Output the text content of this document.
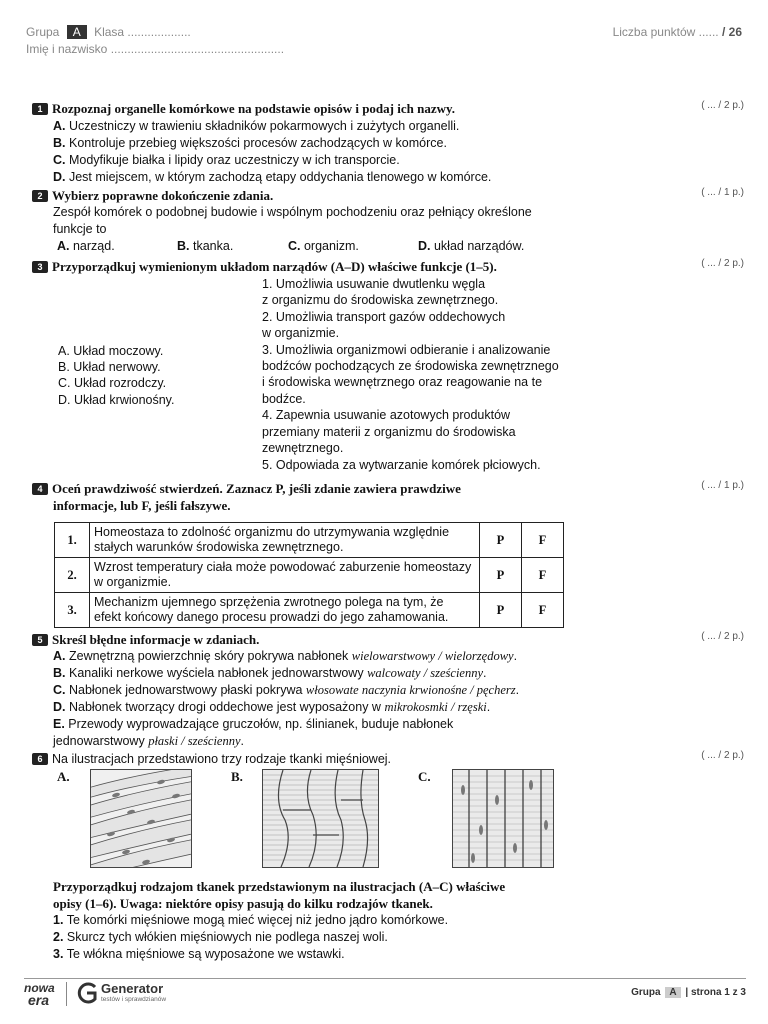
Grupa A Klasa ...................
Imię i nazwisko ....................................................
Liczba punktów ...... / 26
1 Rozpoznaj organelle komórkowe na podstawie opisów i podaj ich nazwy.	( ... / 2 p.)
A. Uczestniczy w trawieniu składników pokarmowych i zużytych organelli.
B. Kontroluje przebieg większości procesów zachodzących w komórce.
C. Modyfikuje białka i lipidy oraz uczestniczy w ich transporcie.
D. Jest miejscem, w którym zachodzą etapy oddychania tlenowego w komórce.
2 Wybierz poprawne dokończenie zdania.	( ... / 1 p.)
Zespół komórek o podobnej budowie i wspólnym pochodzeniu oraz pełniący określone
funkcje to
A. narząd.	B. tkanka.	C. organizm.	D. układ narządów.
3 Przyporządkuj wymienionym układom narządów (A–D) właściwe funkcje (1–5).	( ... / 2 p.)
A. Układ moczowy.
B. Układ nerwowy.
C. Układ rozrodczy.
D. Układ krwionośny.
1. Umożliwia usuwanie dwutlenku węgla
z organizmu do środowiska zewnętrznego.
2. Umożliwia transport gazów oddechowych
w organizmie.
3. Umożliwia organizmowi odbieranie i analizowanie
bodźców pochodzących ze środowiska zewnętrznego
i środowiska wewnętrznego oraz reagowanie na te
bodźce.
4. Zapewnia usuwanie azotowych produktów
przemiany materii z organizmu do środowiska
zewnętrznego.
5. Odpowiada za wytwarzanie komórek płciowych.
4 Oceń prawdziwość stwierdzeń. Zaznacz P, jeśli zdanie zawiera prawdziwe
informacje, lub F, jeśli fałszywe.
( ... / 1 p.)
1.	Homeostaza to zdolność organizmu do utrzymywania względnie
stałych warunków środowiska zewnętrznego.	P	F
2.	Wzrost temperatury ciała może powodować zaburzenie homeostazy
w organizmie.	P	F
3.	Mechanizm ujemnego sprzężenia zwrotnego polega na tym, że
efekt końcowy danego procesu prowadzi do jego zahamowania.	P	F
5 Skreśl błędne informacje w zdaniach.	( ... / 2 p.)
A. Zewnętrzną powierzchnię skóry pokrywa nabłonek wielowarstwowy / wielorzędowy.
B. Kanaliki nerkowe wyściela nabłonek jednowarstwowy walcowaty / sześcienny.
C. Nabłonek jednowarstwowy płaski pokrywa włosowate naczynia krwionośne / pęcherz.
D. Nabłonek tworzący drogi oddechowe jest wyposażony w mikrokosmki / rzęski.
E. Przewody wyprowadzające gruczołów, np. ślinianek, buduje nabłonek
jednowarstwowy płaski / sześcienny.
6 Na ilustracjach przedstawiono trzy rodzaje tkanki mięśniowej.	( ... / 2 p.)
A.	B.	C.
Przyporządkuj rodzajom tkanek przedstawionym na ilustracjach (A–C) właściwe
opisy (1–6). Uwaga: niektóre opisy pasują do kilku rodzajów tkanek.
1. Te komórki mięśniowe mogą mieć więcej niż jedno jądro komórkowe.
2. Skurcz tych włókien mięśniowych nie podlega naszej woli.
3. Te włókna mięśniowe są wyposażone we wstawki.
nowa
era
Generator
testów i sprawdzianów
Grupa A | strona 1 z 3
